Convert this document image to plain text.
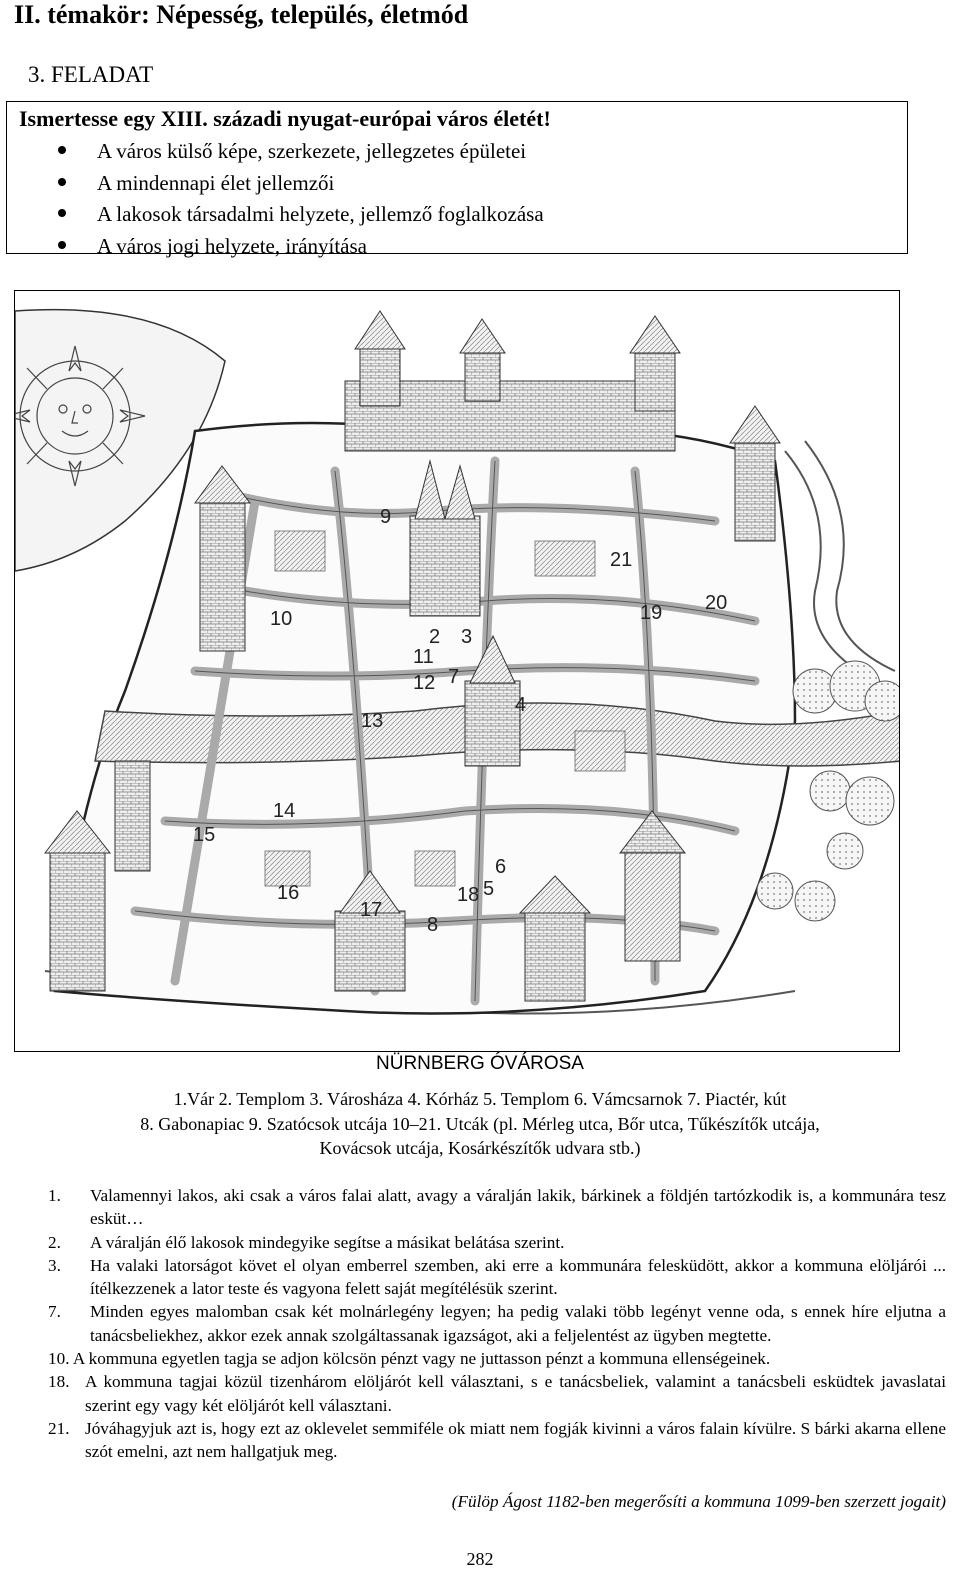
II. témakör: Népesség, település, életmód
3. FELADAT
Ismertesse egy XIII. századi nyugat-európai város életét!
A város külső képe, szerkezete, jellegzetes épületei
A mindennapi élet jellemzői
A lakosok társadalmi helyzete, jellemző foglalkozása
A város jogi helyzete, irányítása
9
21
10	19 20
2 3
11
7
12
4
13
14
15
6
16
17
18 5
8
NÜRNBERG ÓVÁROSA
1.Vár 2. Templom 3. Városháza 4. Kórház 5. Templom 6. Vámcsarnok 7. Piactér, kút
8. Gabonapiac 9. Szatócsok utcája 10–21. Utcák (pl. Mérleg utca, Bőr utca, Tűkészítők utcája,
Kovácsok utcája, Kosárkészítők udvara stb.)
1. Valamennyi lakos, aki csak a város falai alatt, avagy a váralján lakik, bárkinek a földjén tartózkodik is, a kommunára tesz esküt…
2. A váralján élő lakosok mindegyike segítse a másikat belátása szerint.
3. Ha valaki latorságot követ el olyan emberrel szemben, aki erre a kommunára felesküdött, akkor a kommuna elöljárói ... ítélkezzenek a lator teste és vagyona felett saját megítélésük szerint.
7. Minden egyes malomban csak két molnárlegény legyen; ha pedig valaki több legényt venne oda, s ennek híre eljutna a tanácsbeliekhez, akkor ezek annak szolgáltassanak igazságot, aki a feljelentést az ügyben megtette.
10. A kommuna egyetlen tagja se adjon kölcsön pénzt vagy ne juttasson pénzt a kommuna ellenségeinek.
18. A kommuna tagjai közül tizenhárom elöljárót kell választani, s e tanácsbeliek, valamint a tanácsbeli esküdtek javaslatai szerint egy vagy két elöljárót kell választani.
21. Jóváhagyjuk azt is, hogy ezt az oklevelet semmiféle ok miatt nem fogják kivinni a város falain kívülre. S bárki akarna ellene szót emelni, azt nem hallgatjuk meg.
(Fülöp Ágost 1182-ben megerősíti a kommuna 1099-ben szerzett jogait)
282
